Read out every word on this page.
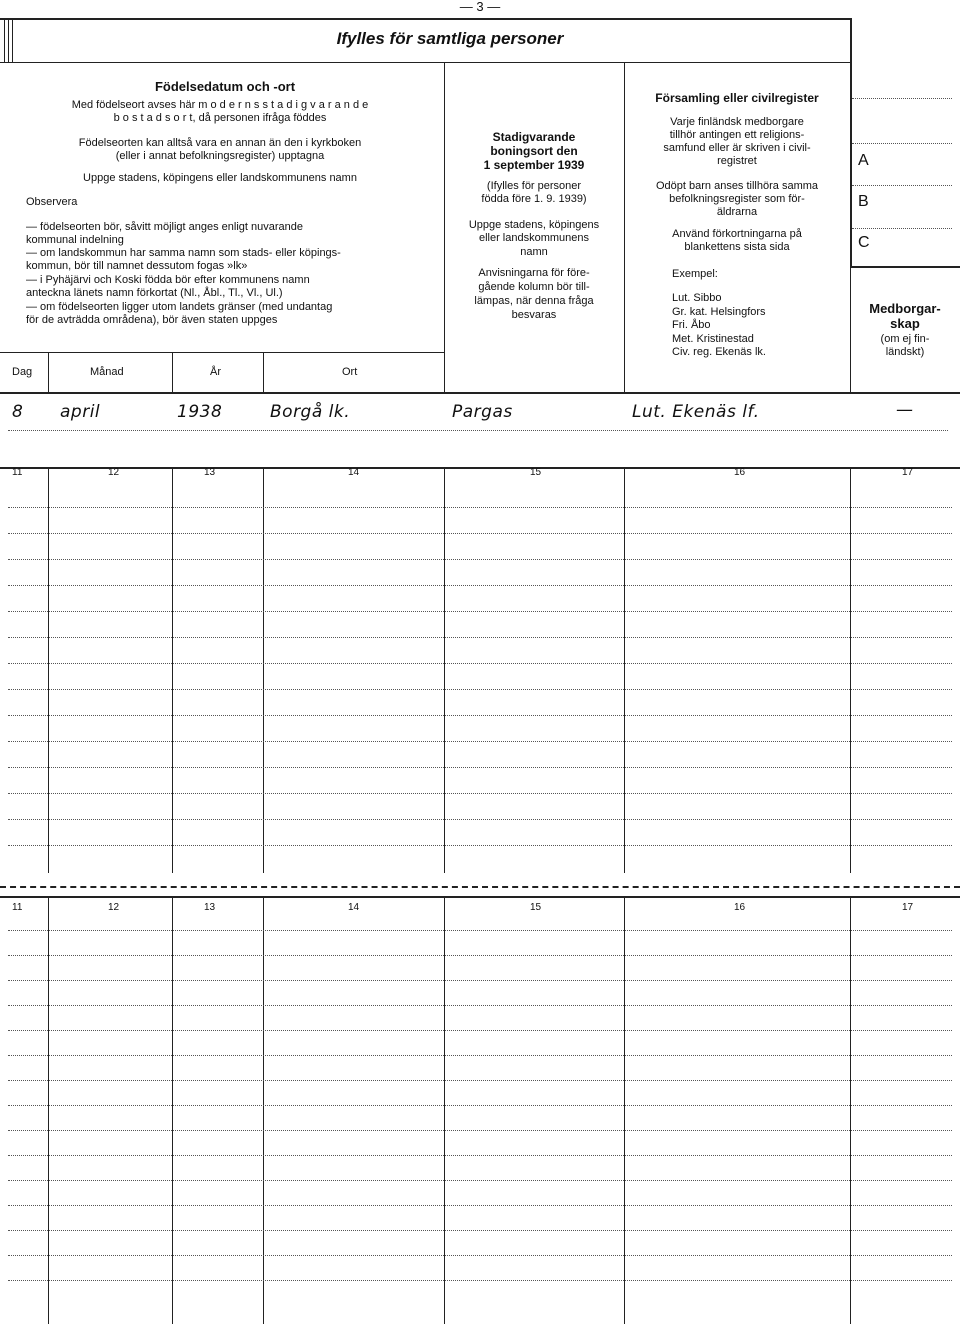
— 3 —
Ifylles för samtliga personer
Födelsedatum och -ort
Med födelseort avses här m o d e r n s s t a d i g v a r a n d e
b o s t a d s o r t, då personen ifråga föddes
Födelseorten kan alltså vara en annan än den i kyrkboken
(eller i annat befolkningsregister) upptagna
Uppge stadens, köpingens eller landskommunens namn
Observera
— födelseorten bör, såvitt möjligt anges enligt nuvarande
kommunal indelning
— om landskommun har samma namn som stads- eller köpings-
kommun, bör till namnet dessutom fogas »lk»
— i Pyhäjärvi och Koski födda bör efter kommunens namn
anteckna länets namn förkortat (Nl., Åbl., Tl., Vl., Ul.)
— om födelseorten ligger utom landets gränser (med undantag
för de avträdda områdena), bör även staten uppges
Dag	Månad	År	Ort
Stadigvarande
boningsort den
1 september 1939
(Ifylles för personer
födda före 1. 9. 1939)
Uppge stadens, köpingens
eller landskommunens
namn
Anvisningarna för före-
gående kolumn bör till-
lämpas, när denna fråga
besvaras
Församling eller civilregister
Varje finländsk medborgare
tillhör antingen ett religions-
samfund eller är skriven i civil-
registret
Odöpt barn anses tillhöra samma
befolkningsregister som för-
äldrarna
Använd förkortningarna på
blankettens sista sida
Exempel:
Lut. Sibbo
Gr. kat. Helsingfors
Fri. Åbo
Met. Kristinestad
Civ. reg. Ekenäs lk.
A
B
C
Medborgar-
skap
(om ej fin-
ländskt)
8 april	1938	Borgå lk.	Pargas	Lut. Ekenäs lf.	—
11	12	13	14	15	16	17
11	12	13	14	15	16	17
